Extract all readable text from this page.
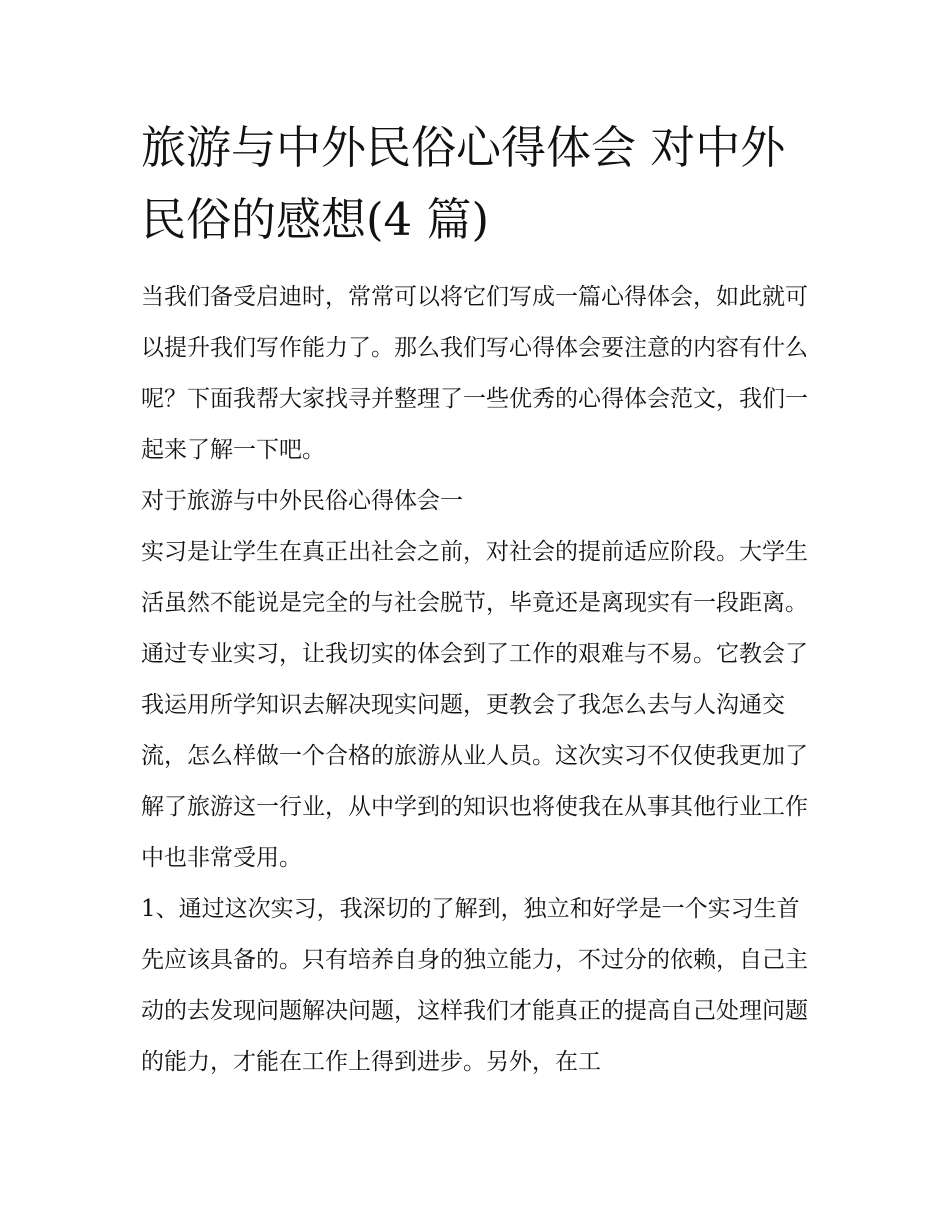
旅游与中外民俗心得体会 对中外民俗的感想(4 篇)

当我们备受启迪时，常常可以将它们写成一篇心得体会，如此就可以提升我们写作能力了。那么我们写心得体会要注意的内容有什么呢？下面我帮大家找寻并整理了一些优秀的心得体会范文，我们一起来了解一下吧。

对于旅游与中外民俗心得体会一

实习是让学生在真正出社会之前，对社会的提前适应阶段。大学生活虽然不能说是完全的与社会脱节，毕竟还是离现实有一段距离。通过专业实习，让我切实的体会到了工作的艰难与不易。它教会了我运用所学知识去解决现实问题，更教会了我怎么去与人沟通交流，怎么样做一个合格的旅游从业人员。这次实习不仅使我更加了解了旅游这一行业，从中学到的知识也将使我在从事其他行业工作中也非常受用。

1、通过这次实习，我深切的了解到，独立和好学是一个实习生首先应该具备的。只有培养自身的独立能力，不过分的依赖，自己主动的去发现问题解决问题，这样我们才能真正的提高自己处理问题的能力，才能在工作上得到进步。另外，在工
